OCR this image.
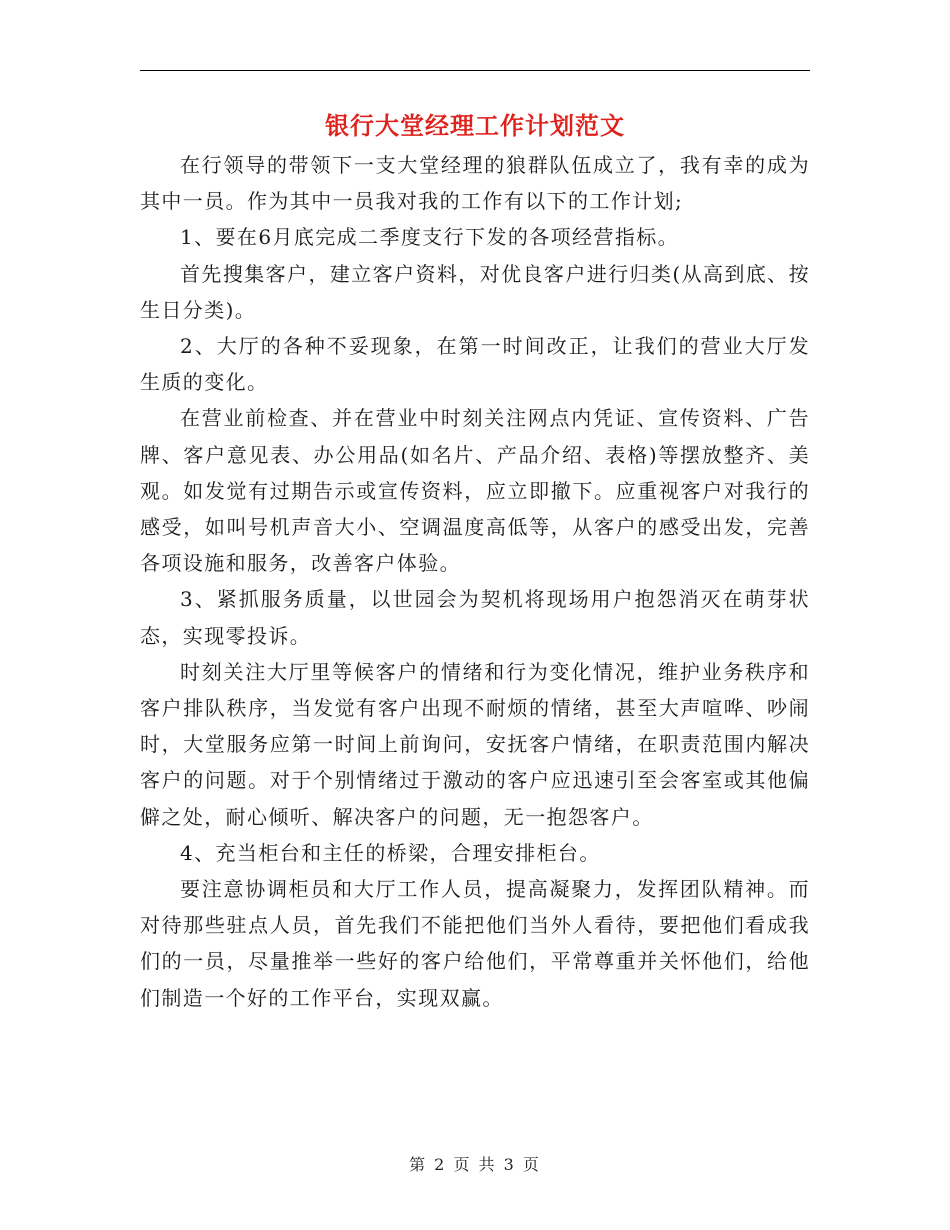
银行大堂经理工作计划范文

在行领导的带领下一支大堂经理的狼群队伍成立了，我有幸的成为其中一员。作为其中一员我对我的工作有以下的工作计划;

1、要在6月底完成二季度支行下发的各项经营指标。

首先搜集客户，建立客户资料，对优良客户进行归类(从高到底、按生日分类)。

2、大厅的各种不妥现象，在第一时间改正，让我们的营业大厅发生质的变化。

在营业前检查、并在营业中时刻关注网点内凭证、宣传资料、广告牌、客户意见表、办公用品(如名片、产品介绍、表格)等摆放整齐、美观。如发觉有过期告示或宣传资料，应立即撤下。应重视客户对我行的感受，如叫号机声音大小、空调温度高低等，从客户的感受出发，完善各项设施和服务，改善客户体验。

3、紧抓服务质量，以世园会为契机将现场用户抱怨消灭在萌芽状态，实现零投诉。

时刻关注大厅里等候客户的情绪和行为变化情况，维护业务秩序和客户排队秩序，当发觉有客户出现不耐烦的情绪，甚至大声喧哗、吵闹时，大堂服务应第一时间上前询问，安抚客户情绪，在职责范围内解决客户的问题。对于个别情绪过于激动的客户应迅速引至会客室或其他偏僻之处，耐心倾听、解决客户的问题，无一抱怨客户。

4、充当柜台和主任的桥梁，合理安排柜台。

要注意协调柜员和大厅工作人员，提高凝聚力，发挥团队精神。而对待那些驻点人员，首先我们不能把他们当外人看待，要把他们看成我们的一员，尽量推举一些好的客户给他们，平常尊重并关怀他们，给他们制造一个好的工作平台，实现双赢。

第 2 页 共 3 页
